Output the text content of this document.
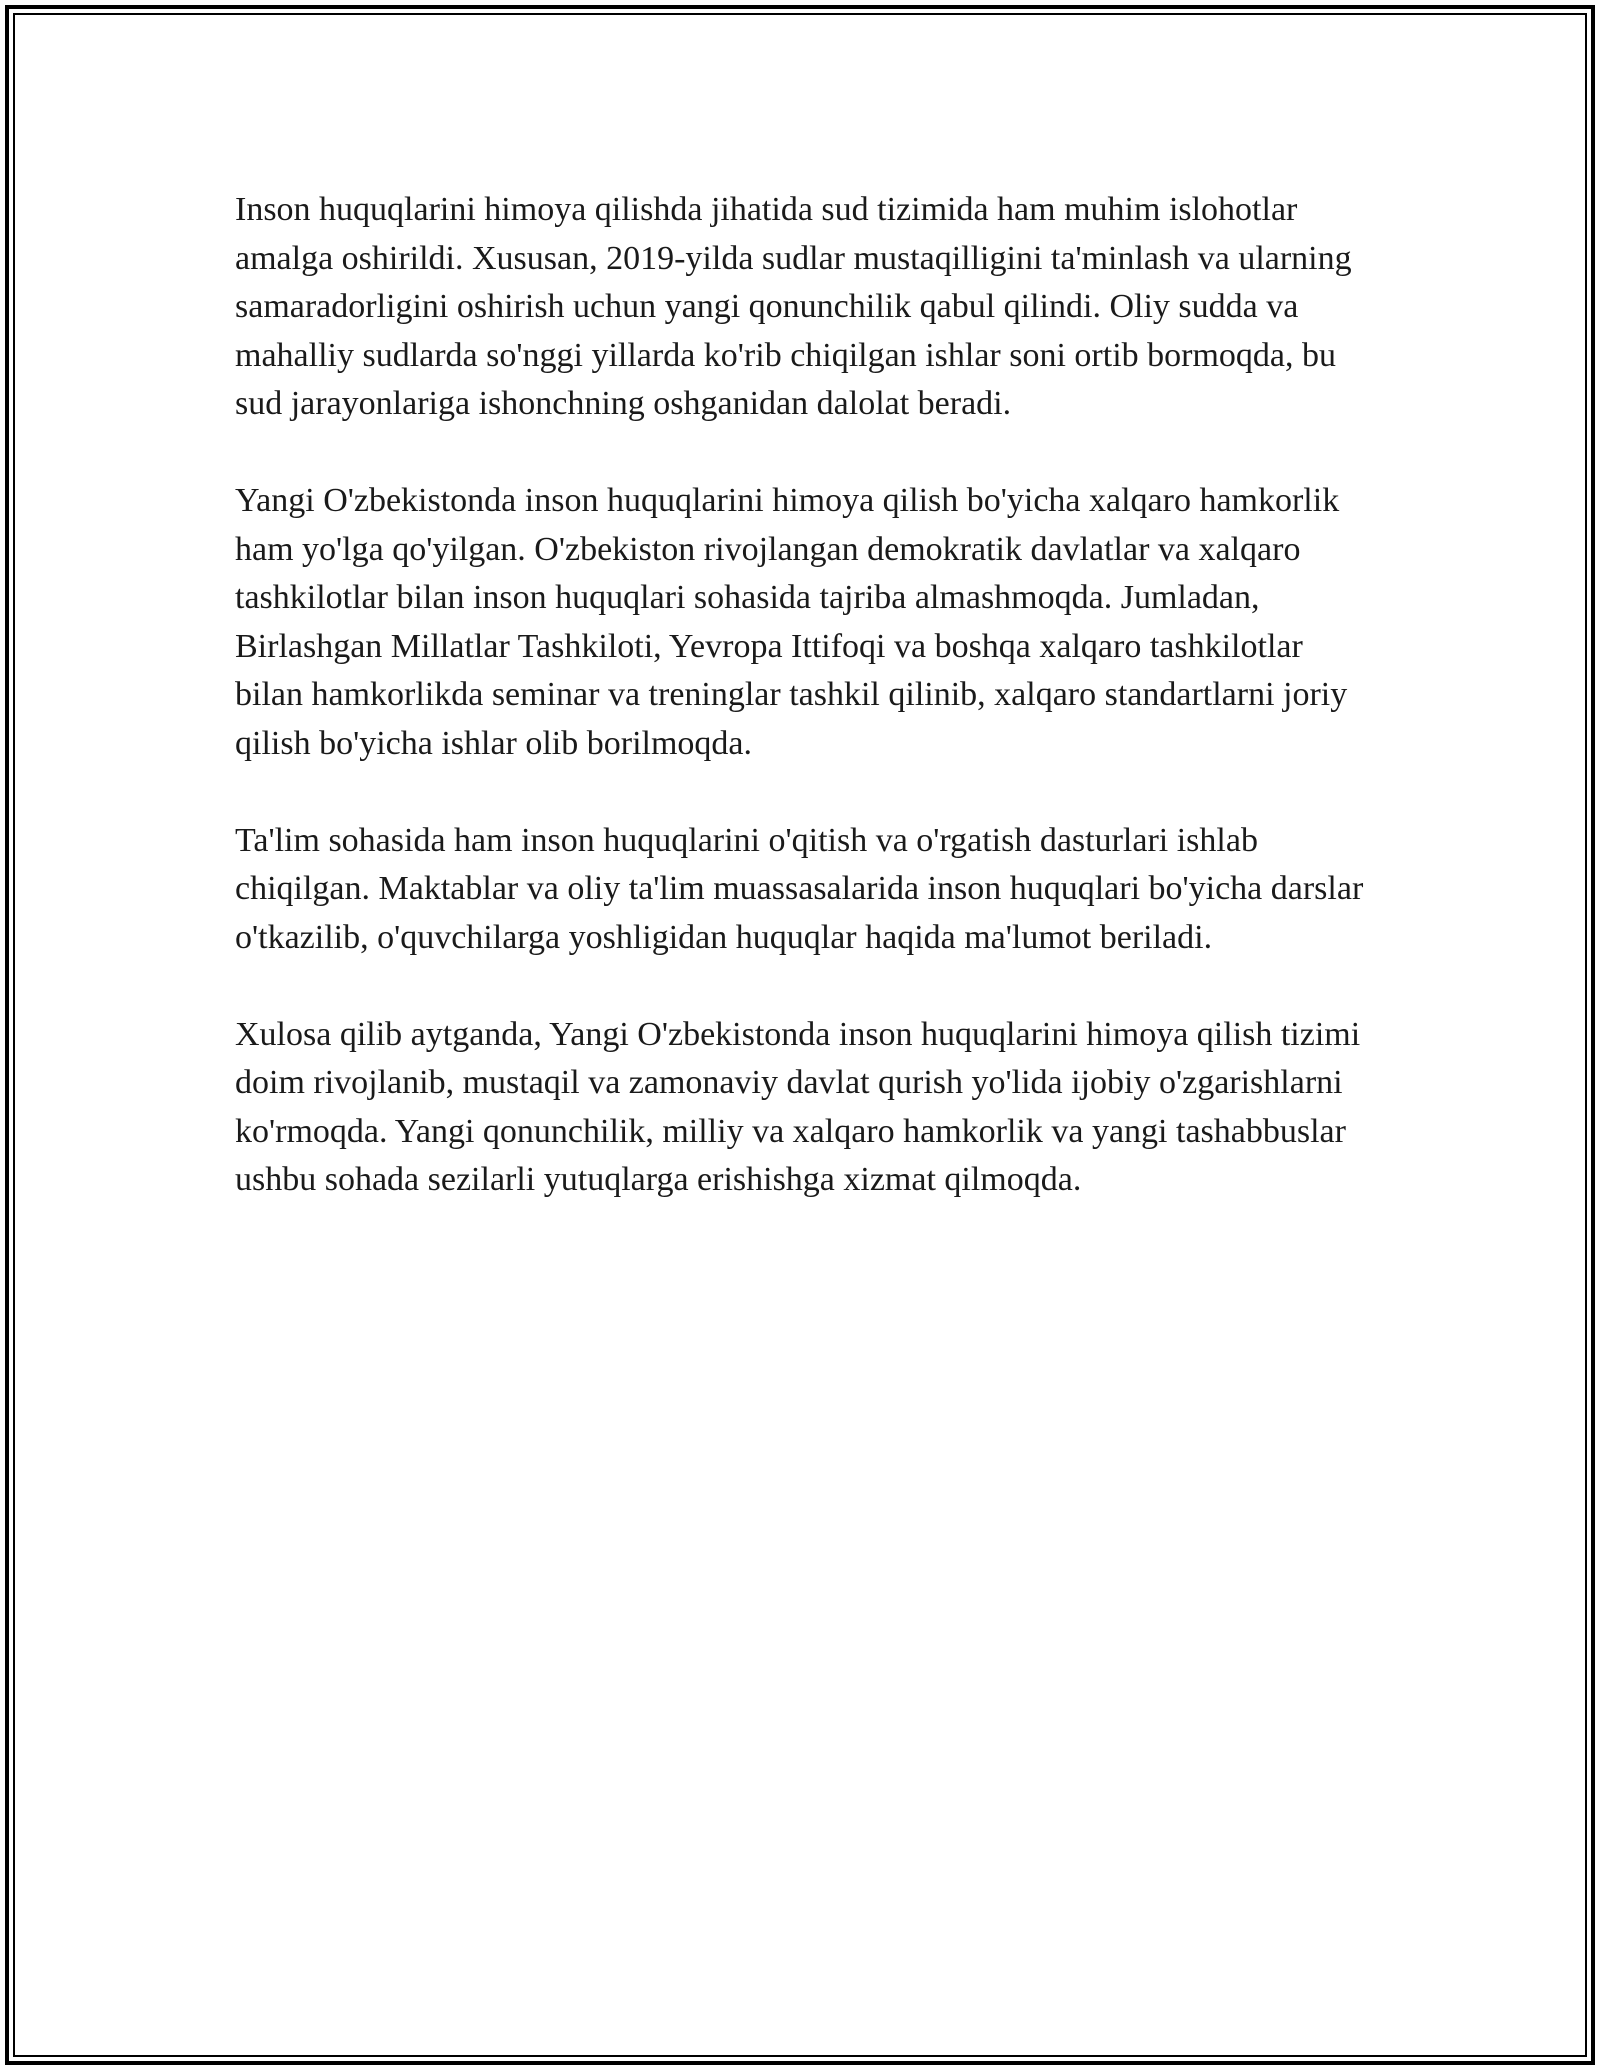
Inson huquqlarini himoya qilishda jihatida sud tizimida ham muhim islohotlar amalga oshirildi. Xususan, 2019-yilda sudlar mustaqilligini ta'minlash va ularning samaradorligini oshirish uchun yangi qonunchilik qabul qilindi. Oliy sudda va mahalliy sudlarda so'nggi yillarda ko'rib chiqilgan ishlar soni ortib bormoqda, bu sud jarayonlariga ishonchning oshganidan dalolat beradi.

Yangi O'zbekistonda inson huquqlarini himoya qilish bo'yicha xalqaro hamkorlik ham yo'lga qo'yilgan. O'zbekiston rivojlangan demokratik davlatlar va xalqaro tashkilotlar bilan inson huquqlari sohasida tajriba almashmoqda. Jumladan, Birlashgan Millatlar Tashkiloti, Yevropa Ittifoqi va boshqa xalqaro tashkilotlar bilan hamkorlikda seminar va treninglar tashkil qilinib, xalqaro standartlarni joriy qilish bo'yicha ishlar olib borilmoqda.

Ta'lim sohasida ham inson huquqlarini o'qitish va o'rgatish dasturlari ishlab chiqilgan. Maktablar va oliy ta'lim muassasalarida inson huquqlari bo'yicha darslar o'tkazilib, o'quvchilarga yoshligidan huquqlar haqida ma'lumot beriladi.

Xulosa qilib aytganda, Yangi O'zbekistonda inson huquqlarini himoya qilish tizimi doim rivojlanib, mustaqil va zamonaviy davlat qurish yo'lida ijobiy o'zgarishlarni ko'rmoqda. Yangi qonunchilik, milliy va xalqaro hamkorlik va yangi tashabbuslar ushbu sohada sezilarli yutuqlarga erishishga xizmat qilmoqda.
